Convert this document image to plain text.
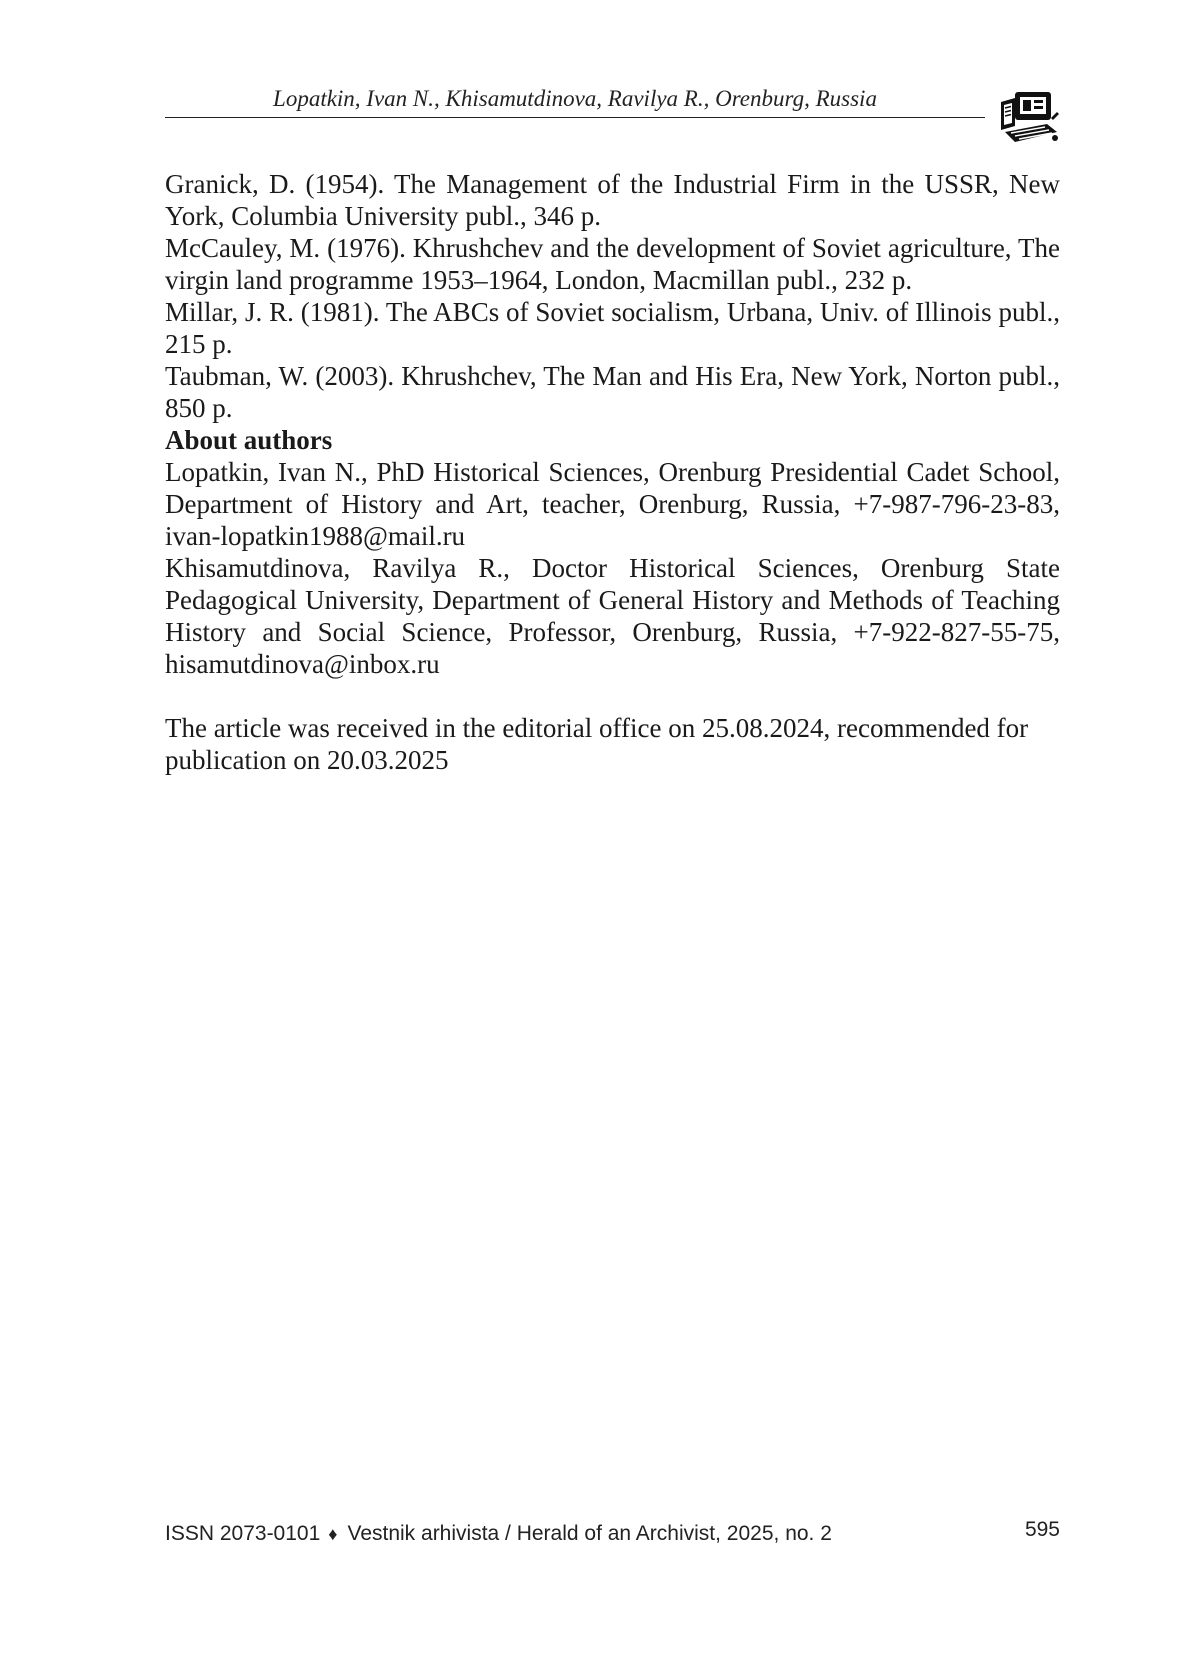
Lopatkin, Ivan N., Khisamutdinova, Ravilya R., Orenburg, Russia

Granick, D. (1954). The Management of the Industrial Firm in the USSR, New York, Columbia University publ., 346 p.

McCauley, M. (1976). Khrushchev and the development of Soviet agriculture, The virgin land programme 1953–1964, London, Macmillan publ., 232 p.

Millar, J. R. (1981). The ABCs of Soviet socialism, Urbana, Univ. of Illinois publ., 215 p.

Taubman, W. (2003). Khrushchev, The Man and His Era, New York, Norton publ., 850 p.

About authors

Lopatkin, Ivan N., PhD Historical Sciences, Orenburg Presidential Cadet School, Department of History and Art, teacher, Orenburg, Russia, +7-987-796-23-83, ivan-lopatkin1988@mail.ru

Khisamutdinova, Ravilya R., Doctor Historical Sciences, Orenburg State Pedagogical University, Department of General History and Methods of Teaching History and Social Science, Professor, Orenburg, Russia, +7-922-827-55-75, hisamutdinova@inbox.ru

The article was received in the editorial office on 25.08.2024, recommended for publication on 20.03.2025

ISSN 2073-0101 ♦ Vestnik arhivista / Herald of an Archivist, 2025, no. 2	595
